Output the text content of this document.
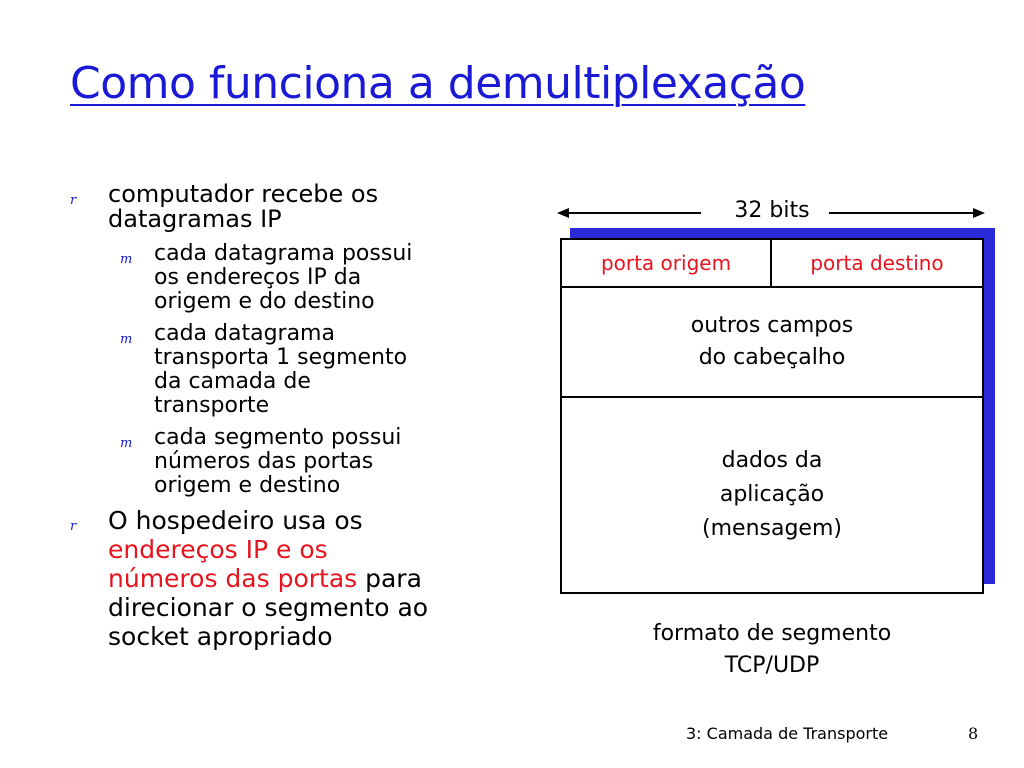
Como funciona a demultiplexação
r computador recebe os
datagramas IP
m cada datagrama possui
os endereços IP da
origem e do destino
m cada datagrama
transporta 1 segmento
da camada de
transporte
m cada segmento possui
números das portas
origem e destino
r O hospedeiro usa os
endereços IP e os
números das portas para
direcionar o segmento ao
socket apropriado
32 bits
porta origem	porta destino
outros campos
do cabeçalho
dados da
aplicação
(mensagem)
formato de segmento
TCP/UDP
3: Camada de Transporte	8
